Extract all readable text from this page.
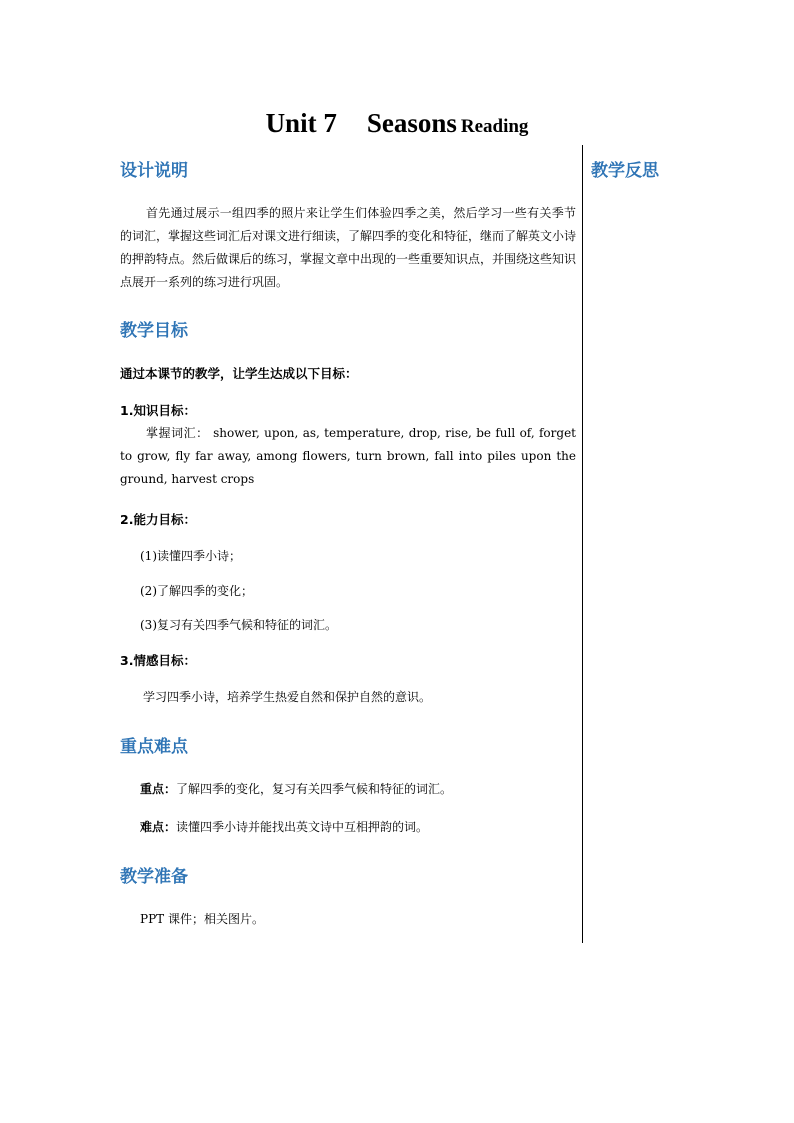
Unit 7 Seasons Reading
教学反思
设计说明
首先通过展示一组四季的照片来让学生们体验四季之美，然后学习一些有关季节的词汇，掌握这些词汇后对课文进行细读，了解四季的变化和特征，继而了解英文小诗的押韵特点。然后做课后的练习，掌握文章中出现的一些重要知识点，并围绕这些知识点展开一系列的练习进行巩固。
教学目标
通过本课节的教学，让学生达成以下目标：
1.知识目标：
掌握词汇： shower, upon, as, temperature, drop, rise, be full of, forget to grow, fly far away, among flowers, turn brown, fall into piles upon the ground, harvest crops
2.能力目标：
(1)读懂四季小诗；
(2)了解四季的变化；
(3)复习有关四季气候和特征的词汇。
3.情感目标：
学习四季小诗，培养学生热爱自然和保护自然的意识。
重点难点
重点：了解四季的变化，复习有关四季气候和特征的词汇。
难点：读懂四季小诗并能找出英文诗中互相押韵的词。
教学准备
PPT 课件；相关图片。
